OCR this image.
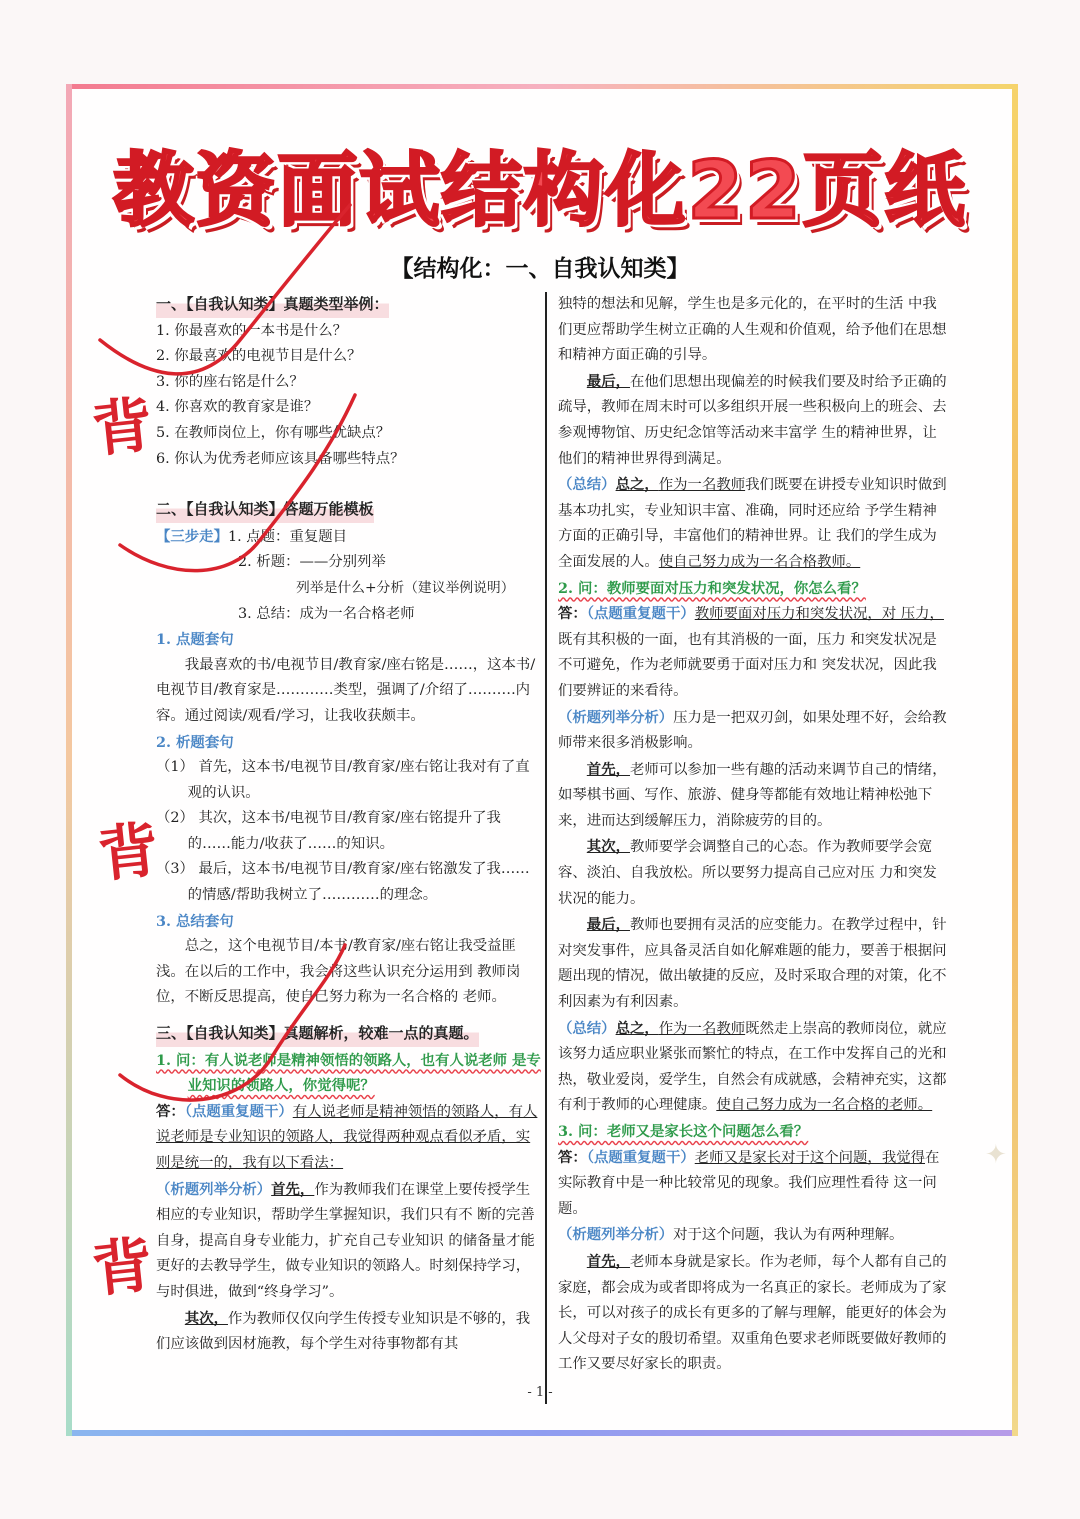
教资面试结构化22页纸
【结构化：一、自我认知类】

一、【自我认知类】真题类型举例：

1. 你最喜欢的一本书是什么？

2. 你最喜欢的电视节目是什么？

3. 你的座右铭是什么？

4. 你喜欢的教育家是谁？

5. 在教师岗位上，你有哪些优缺点？

6. 你认为优秀老师应该具备哪些特点？

二、【自我认知类】答题万能模板

【三步走】1. 点题：重复题目

2. 析题：——分别列举

列举是什么+分析（建议举例说明）

3. 总结：成为一名合格老师

1. 点题套句

我最喜欢的书/电视节目/教育家/座右铭是……，这本书/电视节目/教育家是…………类型，强调了/介绍了……….内容。通过阅读/观看/学习，让我收获颇丰。

2. 析题套句

（1） 首先，这本书/电视节目/教育家/座右铭让我对有了直观的认识。

（2） 其次，这本书/电视节目/教育家/座右铭提升了我的……能力/收获了……的知识。

（3） 最后，这本书/电视节目/教育家/座右铭激发了我……的情感/帮助我树立了…………的理念。

3. 总结套句

总之，这个电视节目/本书/教育家/座右铭让我受益匪浅。在以后的工作中，我会将这些认识充分运用到 教师岗位，不断反思提高，使自己努力称为一名合格的 老师。

三、【自我认知类】真题解析，较难一点的真题。

1. 问：有人说老师是精神领悟的领路人，也有人说老师 是专业知识的领路人，你觉得呢？

答：（点题重复题干）有人说老师是精神领悟的领路人，有人说老师是专业知识的领路人，我觉得两种观点看似矛盾，实则是统一的，我有以下看法：

（析题列举分析）首先，作为教师我们在课堂上要传授学生相应的专业知识，帮助学生掌握知识，我们只有不 断的完善自身，提高自身专业能力，扩充自己专业知识 的储备量才能更好的去教导学生，做专业知识的领路人。时刻保持学习，与时俱进，做到“终身学习”。

其次，作为教师仅仅向学生传授专业知识是不够的，我们应该做到因材施教，每个学生对待事物都有其

独特的想法和见解，学生也是多元化的，在平时的生活 中我们更应帮助学生树立正确的人生观和价值观，给予他们在思想和精神方面正确的引导。

最后，在他们思想出现偏差的时候我们要及时给予正确的疏导，教师在周末时可以多组织开展一些积极向上的班会、去参观博物馆、历史纪念馆等活动来丰富学 生的精神世界，让他们的精神世界得到满足。

（总结）总之，作为一名教师我们既要在讲授专业知识时做到基本功扎实，专业知识丰富、准确，同时还应给 予学生精神方面的正确引导，丰富他们的精神世界。让 我们的学生成为全面发展的人。使自己努力成为一名合格教师。

2. 问：教师要面对压力和突发状况，你怎么看？

答：（点题重复题干）教师要面对压力和突发状况，对 压力，既有其积极的一面，也有其消极的一面，压力 和突发状况是不可避免，作为老师就要勇于面对压力和 突发状况，因此我们要辨证的来看待。

（析题列举分析）压力是一把双刃剑，如果处理不好，会给教师带来很多消极影响。

首先，老师可以参加一些有趣的活动来调节自己的情绪，如琴棋书画、写作、旅游、健身等都能有效地让精神松弛下来，进而达到缓解压力，消除疲劳的目的。

其次，教师要学会调整自己的心态。作为教师要学会宽容、淡泊、自我放松。所以要努力提高自己应对压 力和突发状况的能力。

最后，教师也要拥有灵活的应变能力。在教学过程中，针对突发事件，应具备灵活自如化解难题的能力，要善于根据问题出现的情况，做出敏捷的反应，及时采取合理的对策，化不利因素为有利因素。

（总结）总之，作为一名教师既然走上崇高的教师岗位，就应该努力适应职业紧张而繁忙的特点，在工作中发挥自己的光和热，敬业爱岗，爱学生，自然会有成就感，会精神充实，这都有利于教师的心理健康。使自己努力成为一名合格的老师。

3. 问：老师又是家长这个问题怎么看？

答：（点题重复题干）老师又是家长对于这个问题，我觉得在实际教育中是一种比较常见的现象。我们应理性看待 这一问题。

（析题列举分析）对于这个问题，我认为有两种理解。

首先，老师本身就是家长。作为老师，每个人都有自己的家庭，都会成为或者即将成为一名真正的家长。老师成为了家长，可以对孩子的成长有更多的了解与理解，能更好的体会为人父母对子女的殷切希望。双重角色要求老师既要做好教师的工作又要尽好家长的职责。

- 1 -
背
背
背
✦
